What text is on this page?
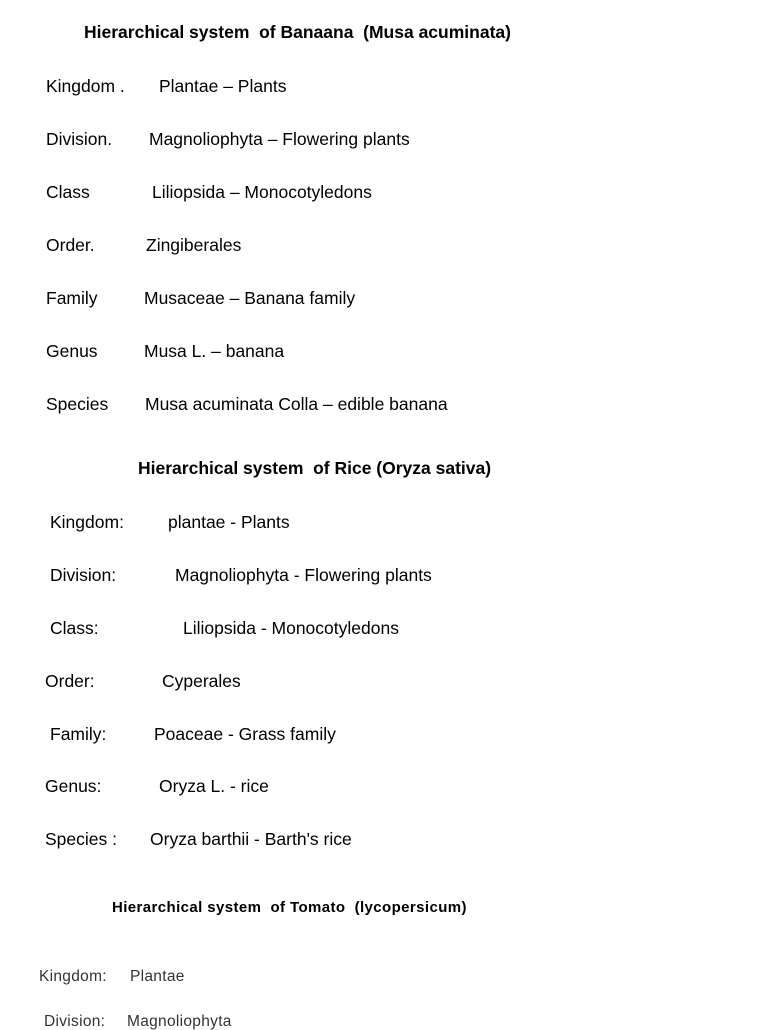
Hierarchical system  of Banaana  (Musa acuminata)
Kingdom . Plantae – Plants
Division. Magnoliophyta – Flowering plants
Class	Liliopsida – Monocotyledons
Order.	Zingiberales
Family	Musaceae – Banana family
Genus	Musa L. – banana
Species Musa acuminata Colla – edible banana
Hierarchical system  of Rice (Oryza sativa)
Kingdom:	plantae - Plants
Division:	Magnoliophyta - Flowering plants
Class:	Liliopsida - Monocotyledons
Order:	Cyperales
Family:	Poaceae - Grass family
Genus:	Oryza L. - rice
Species : Oryza barthii - Barth's rice
Hierarchical system  of Tomato  (lycopersicum)
Kingdom: Plantae
Division: Magnoliophyta
